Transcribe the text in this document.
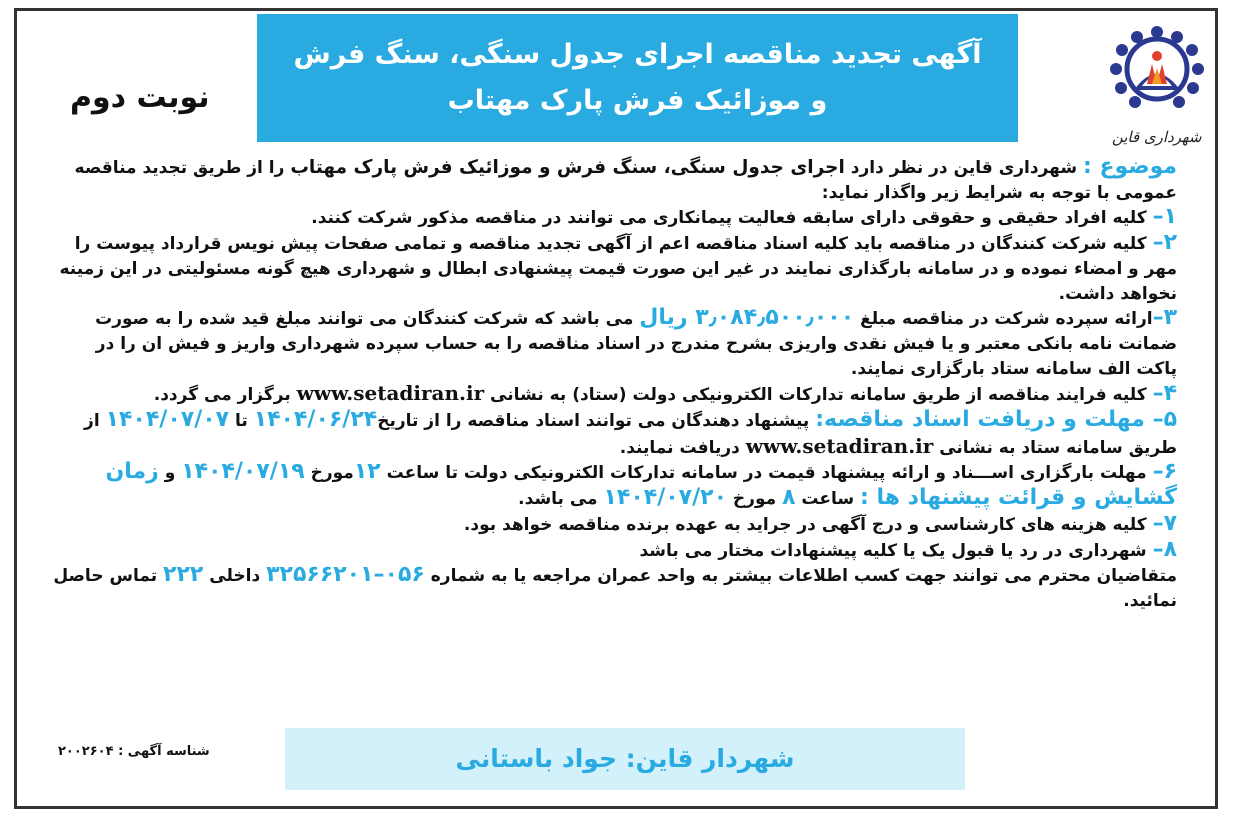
شهرداری قاین
آگهی تجدید مناقصه اجرای جدول سنگی، سنگ فرش
و موزائیک فرش پارک مهتاب
نوبت دوم

موضوع : شهرداری قاین در نظر دارد اجرای جدول سنگی، سنگ فرش و موزائیک فرش پارک مهتاب را از طریق تجدید مناقصه عمومی با توجه به شرایط زیر واگذار نماید:

۱– کلیه افراد حقیقی و حقوقی دارای سابقه فعالیت پیمانکاری می توانند در مناقصه مذکور شرکت کنند.

۲– کلیه شرکت کنندگان در مناقصه باید کلیه اسناد مناقصه اعم از آگهی تجدید مناقصه و تمامی صفحات پیش نویس قرارداد پیوست را مهر و امضاء نموده و در سامانه بارگذاری نمایند در غیر این صورت قیمت پیشنهادی ابطال و شهرداری هیچ گونه مسئولیتی در این زمینه نخواهد داشت.

۳–ارائه سپرده شرکت در مناقصه مبلغ ۳٫۰۸۴٫۵۰۰٫۰۰۰ ریال می باشد که شرکت کنندگان می توانند مبلغ قید شده را به صورت ضمانت نامه بانکی معتبر و یا فیش نقدی واریزی بشرح مندرج در اسناد مناقصه را به حساب سپرده شهرداری واریز و فیش ان را در پاکت الف سامانه ستاد بارگزاری نمایند.

۴– کلیه فرایند مناقصه از طریق سامانه تدارکات الکترونیکی دولت (ستاد) به نشانی www.setadiran.ir برگزار می گردد.

۵– مهلت و دریافت اسناد مناقصه: پیشنهاد دهندگان می توانند اسناد مناقصه را از تاریخ۱۴۰۴/۰۶/۲۴ تا ۱۴۰۴/۰۷/۰۷ از طریق سامانه ستاد به نشانی www.setadiran.ir دریافت نمایند.

۶– مهلت بارگزاری اســـناد و ارائه پیشنهاد قیمت در سامانه تدارکات الکترونیکی دولت تا ساعت ۱۲مورخ ۱۴۰۴/۰۷/۱۹ و زمان گشایش و قرائت پیشنهاد ها : ساعت ۸ مورخ ۱۴۰۴/۰۷/۲۰ می باشد.

۷– کلیه هزینه های کارشناسی و درج آگهی در جراید به عهده برنده مناقصه خواهد بود.

۸– شهرداری در رد یا قبول یک یا کلیه پیشنهادات مختار می باشد

متقاضیان محترم می توانند جهت کسب اطلاعات بیشتر به واحد عمران مراجعه یا به شماره ۰۵۶–۳۲۵۶۶۲۰۱ داخلی ۲۲۲ تماس حاصل نمائید.

شناسه آگهی : ۲۰۰۲۶۰۴	شهردار قاین: جواد باستانی
